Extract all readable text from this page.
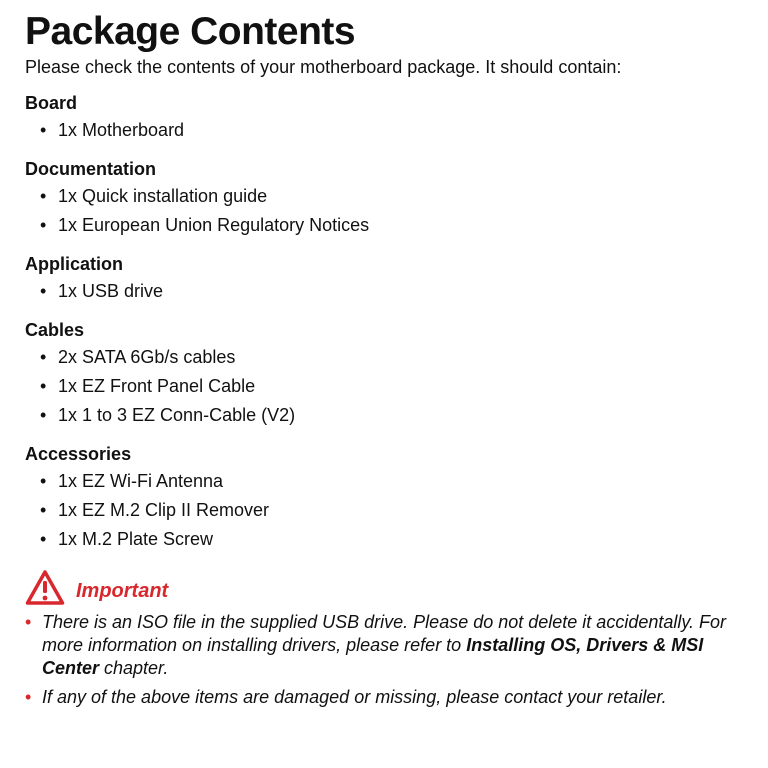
Package Contents

Please check the contents of your motherboard package. It should contain:

Board
• 1x Motherboard
Documentation
• 1x Quick installation guide
• 1x European Union Regulatory Notices
Application
• 1x USB drive
Cables
• 2x SATA 6Gb/s cables
• 1x EZ Front Panel Cable
• 1x 1 to 3 EZ Conn-Cable (V2)
Accessories
• 1x EZ Wi-Fi Antenna
• 1x EZ M.2 Clip II Remover
• 1x M.2 Plate Screw
Important
• There is an ISO file in the supplied USB drive. Please do not delete it accidentally. For more information on installing drivers, please refer to Installing OS, Drivers & MSI Center chapter.
• If any of the above items are damaged or missing, please contact your retailer.
